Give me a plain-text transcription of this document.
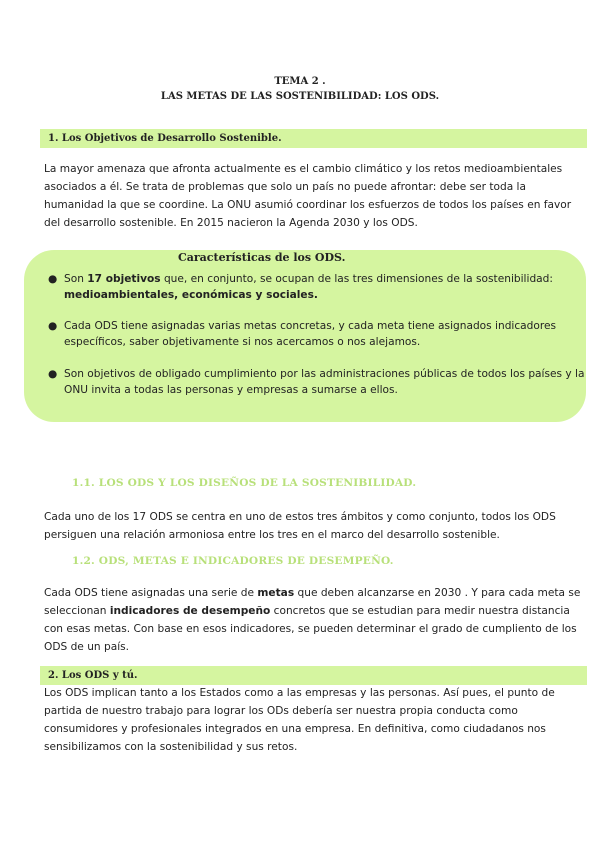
TEMA 2 .
LAS METAS DE LAS SOSTENIBILIDAD: LOS ODS.
1. Los Objetivos de Desarrollo Sostenible.

La mayor amenaza que afronta actualmente es el cambio climático y los retos medioambientales asociados a él. Se trata de problemas que solo un país no puede afrontar: debe ser toda la humanidad la que se coordine. La ONU asumió coordinar los esfuerzos de todos los países en favor del desarrollo sostenible. En 2015 nacieron la Agenda 2030 y los ODS.

Características de los ODS.
● Son 17 objetivos que, en conjunto, se ocupan de las tres dimensiones de la sostenibilidad: medioambientales, económicas y sociales.
● Cada ODS tiene asignadas varias metas concretas, y cada meta tiene asignados indicadores específicos, saber objetivamente si nos acercamos o nos alejamos.
● Son objetivos de obligado cumplimiento por las administraciones públicas de todos los países y la ONU invita a todas las personas y empresas a sumarse a ellos.
1.1. LOS ODS Y LOS DISEÑOS DE LA SOSTENIBILIDAD.

Cada uno de los 17 ODS se centra en uno de estos tres ámbitos y como conjunto, todos los ODS persiguen una relación armoniosa entre los tres en el marco del desarrollo sostenible.

1.2. ODS, METAS E INDICADORES DE DESEMPEÑO.

Cada ODS tiene asignadas una serie de metas que deben alcanzarse en 2030 . Y para cada meta se seleccionan indicadores de desempeño concretos que se estudian para medir nuestra distancia con esas metas. Con base en esos indicadores, se pueden determinar el grado de cumpliento de los ODS de un país.

2. Los ODS y tú.

Los ODS implican tanto a los Estados como a las empresas y las personas. Así pues, el punto de partida de nuestro trabajo para lograr los ODs debería ser nuestra propia conducta como consumidores y profesionales integrados en una empresa. En definitiva, como ciudadanos nos sensibilizamos con la sostenibilidad y sus retos.
